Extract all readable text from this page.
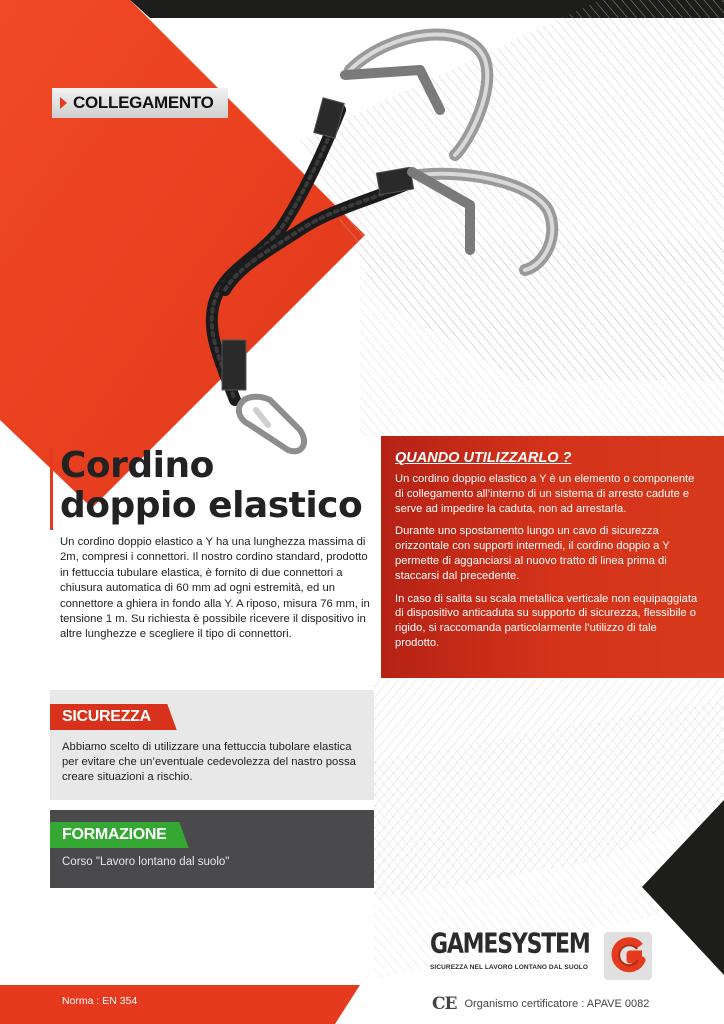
COLLEGAMENTO
Cordino
doppio elastico

Un cordino doppio elastico a Y ha una lunghezza massima di 2m, compresi i connettori. Il nostro cordino standard, prodotto in fettuccia tubulare elastica, è fornito di due connettori a chiusura automatica di 60 mm ad ogni estremità, ed un connettore a ghiera in fondo alla Y. A riposo, misura 76 mm, in tensione 1 m. Su richiesta è possibile ricevere il dispositivo in altre lunghezze e scegliere il tipo di connettori.

QUANDO UTILIZZARLO ?

Un cordino doppio elastico a Y è un elemento o componente di collegamento all’interno di un sistema di arresto cadute e serve ad impedire la caduta, non ad arrestarla.

Durante uno spostamento lungo un cavo di sicurezza orizzontale con supporti intermedi, il cordino doppio a Y permette di agganciarsi al nuovo tratto di linea prima di staccarsi dal precedente.

In caso di salita su scala metallica verticale non equipaggiata di dispositivo anticaduta su supporto di sicurezza, flessibile o rigido, si raccomanda particolarmente l’utilizzo di tale prodotto.

SICUREZZA

Abbiamo scelto di utilizzare una fettuccia tubolare elastica per evitare che un’eventuale cedevolezza del nastro possa creare situazioni a rischio.

FORMAZIONE

Corso "Lavoro lontano dal suolo"

GAMESYSTEM
SICUREZZA NEL LAVORO LONTANO DAL SUOLO
Norma : EN 354	CE Organismo certificatore : APAVE 0082
